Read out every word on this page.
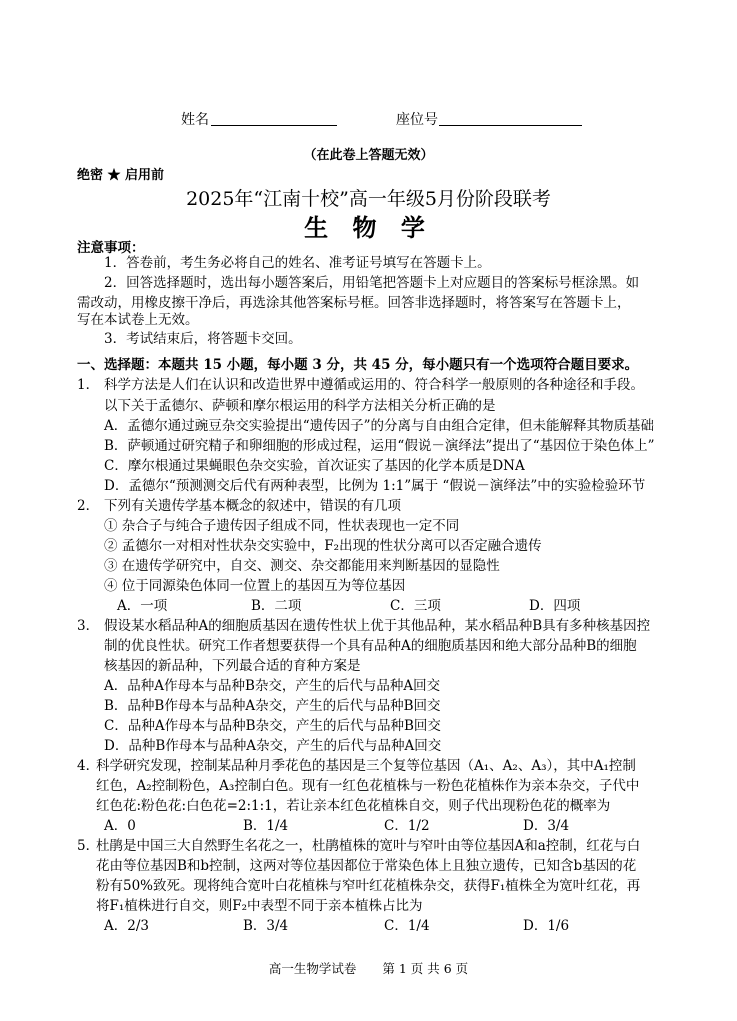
姓名	座位号
（在此卷上答题无效）
绝密 ★ 启用前
2025年“江南十校”高一年级5月份阶段联考
生 物 学
注意事项：
1．答卷前，考生务必将自己的姓名、准考证号填写在答题卡上。
2．回答选择题时，选出每小题答案后，用铅笔把答题卡上对应题目的答案标号框涂黑。如
需改动，用橡皮擦干净后，再选涂其他答案标号框。回答非选择题时，将答案写在答题卡上，
写在本试卷上无效。
3．考试结束后，将答题卡交回。
一、选择题：本题共 15 小题，每小题 3 分，共 45 分，每小题只有一个选项符合题目要求。
1． 科学方法是人们在认识和改造世界中遵循或运用的、符合科学一般原则的各种途径和手段。
以下关于孟德尔、萨顿和摩尔根运用的科学方法相关分析正确的是
A．孟德尔通过豌豆杂交实验提出“遗传因子”的分离与自由组合定律，但未能解释其物质基础
B．萨顿通过研究精子和卵细胞的形成过程，运用“假说－演绎法”提出了“基因位于染色体上”
C．摩尔根通过果蝇眼色杂交实验，首次证实了基因的化学本质是DNA
D．孟德尔“预测测交后代有两种表型，比例为 1:1”属于 “假说－演绎法”中的实验检验环节
2． 下列有关遗传学基本概念的叙述中，错误的有几项
① 杂合子与纯合子遗传因子组成不同，性状表现也一定不同
② 孟德尔一对相对性状杂交实验中，F₂出现的性状分离可以否定融合遗传
③ 在遗传学研究中，自交、测交、杂交都能用来判断基因的显隐性
④ 位于同源染色体同一位置上的基因互为等位基因
A．一项	B．二项	C．三项	D．四项
3． 假设某水稻品种A的细胞质基因在遗传性状上优于其他品种，某水稻品种B具有多种核基因控
制的优良性状。研究工作者想要获得一个具有品种A的细胞质基因和绝大部分品种B的细胞
核基因的新品种，下列最合适的育种方案是
A．品种A作母本与品种B杂交，产生的后代与品种A回交
B．品种B作母本与品种A杂交，产生的后代与品种B回交
C．品种A作母本与品种B杂交，产生的后代与品种B回交
D．品种B作母本与品种A杂交，产生的后代与品种A回交
4．
科学研究发现，控制某品种月季花色的基因是三个复等位基因（A₁、A₂、A₃），其中A₁控制
红色，A₂控制粉色，A₃控制白色。现有一红色花植株与一粉色花植株作为亲本杂交，子代中
红色花:粉色花:白色花=2:1:1，若让亲本红色花植株自交，则子代出现粉色花的概率为
A．0	B．1/4	C．1/2	D．3/4
5．
杜鹃是中国三大自然野生名花之一，杜鹃植株的宽叶与窄叶由等位基因A和a控制，红花与白
花由等位基因B和b控制，这两对等位基因都位于常染色体上且独立遗传，已知含b基因的花
粉有50%致死。现将纯合宽叶白花植株与窄叶红花植株杂交，获得F₁植株全为宽叶红花，再
将F₁植株进行自交，则F₂中表型不同于亲本植株占比为
A．2/3	B．3/4	C．1/4	D．1/6
高一生物学试卷 第 1 页 共 6 页
